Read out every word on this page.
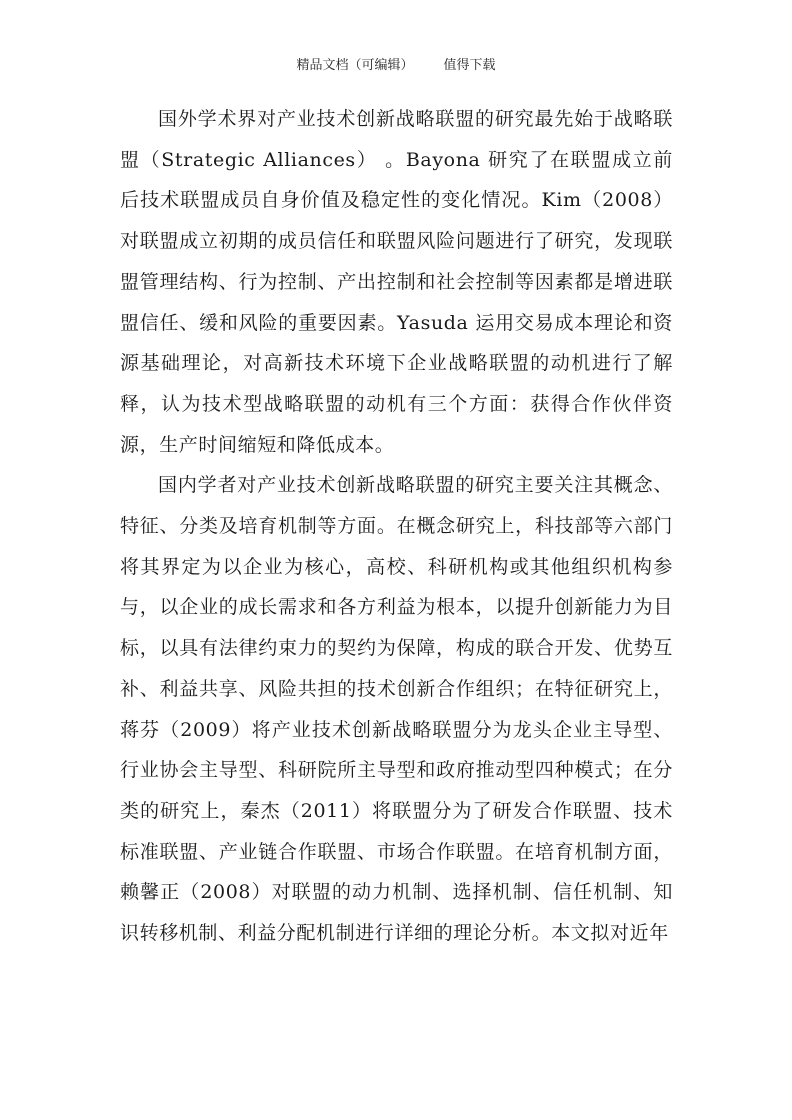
精品文档（可编辑） 值得下载

国外学术界对产业技术创新战略联盟的研究最先始于战略联盟（Strategic Alliances） 。Bayona 研究了在联盟成立前后技术联盟成员自身价值及稳定性的变化情况。Kim（2008）对联盟成立初期的成员信任和联盟风险问题进行了研究，发现联盟管理结构、行为控制、产出控制和社会控制等因素都是增进联盟信任、缓和风险的重要因素。Yasuda 运用交易成本理论和资源基础理论，对高新技术环境下企业战略联盟的动机进行了解释，认为技术型战略联盟的动机有三个方面：获得合作伙伴资源，生产时间缩短和降低成本。

国内学者对产业技术创新战略联盟的研究主要关注其概念、特征、分类及培育机制等方面。在概念研究上，科技部等六部门将其界定为以企业为核心，高校、科研机构或其他组织机构参与，以企业的成长需求和各方利益为根本，以提升创新能力为目标，以具有法律约束力的契约为保障，构成的联合开发、优势互补、利益共享、风险共担的技术创新合作组织；在特征研究上，蒋芬（2009）将产业技术创新战略联盟分为龙头企业主导型、行业协会主导型、科研院所主导型和政府推动型四种模式；在分类的研究上，秦杰（2011）将联盟分为了研发合作联盟、技术标准联盟、产业链合作联盟、市场合作联盟。在培育机制方面，赖馨正（2008）对联盟的动力机制、选择机制、信任机制、知识转移机制、利益分配机制进行详细的理论分析。本文拟对近年
